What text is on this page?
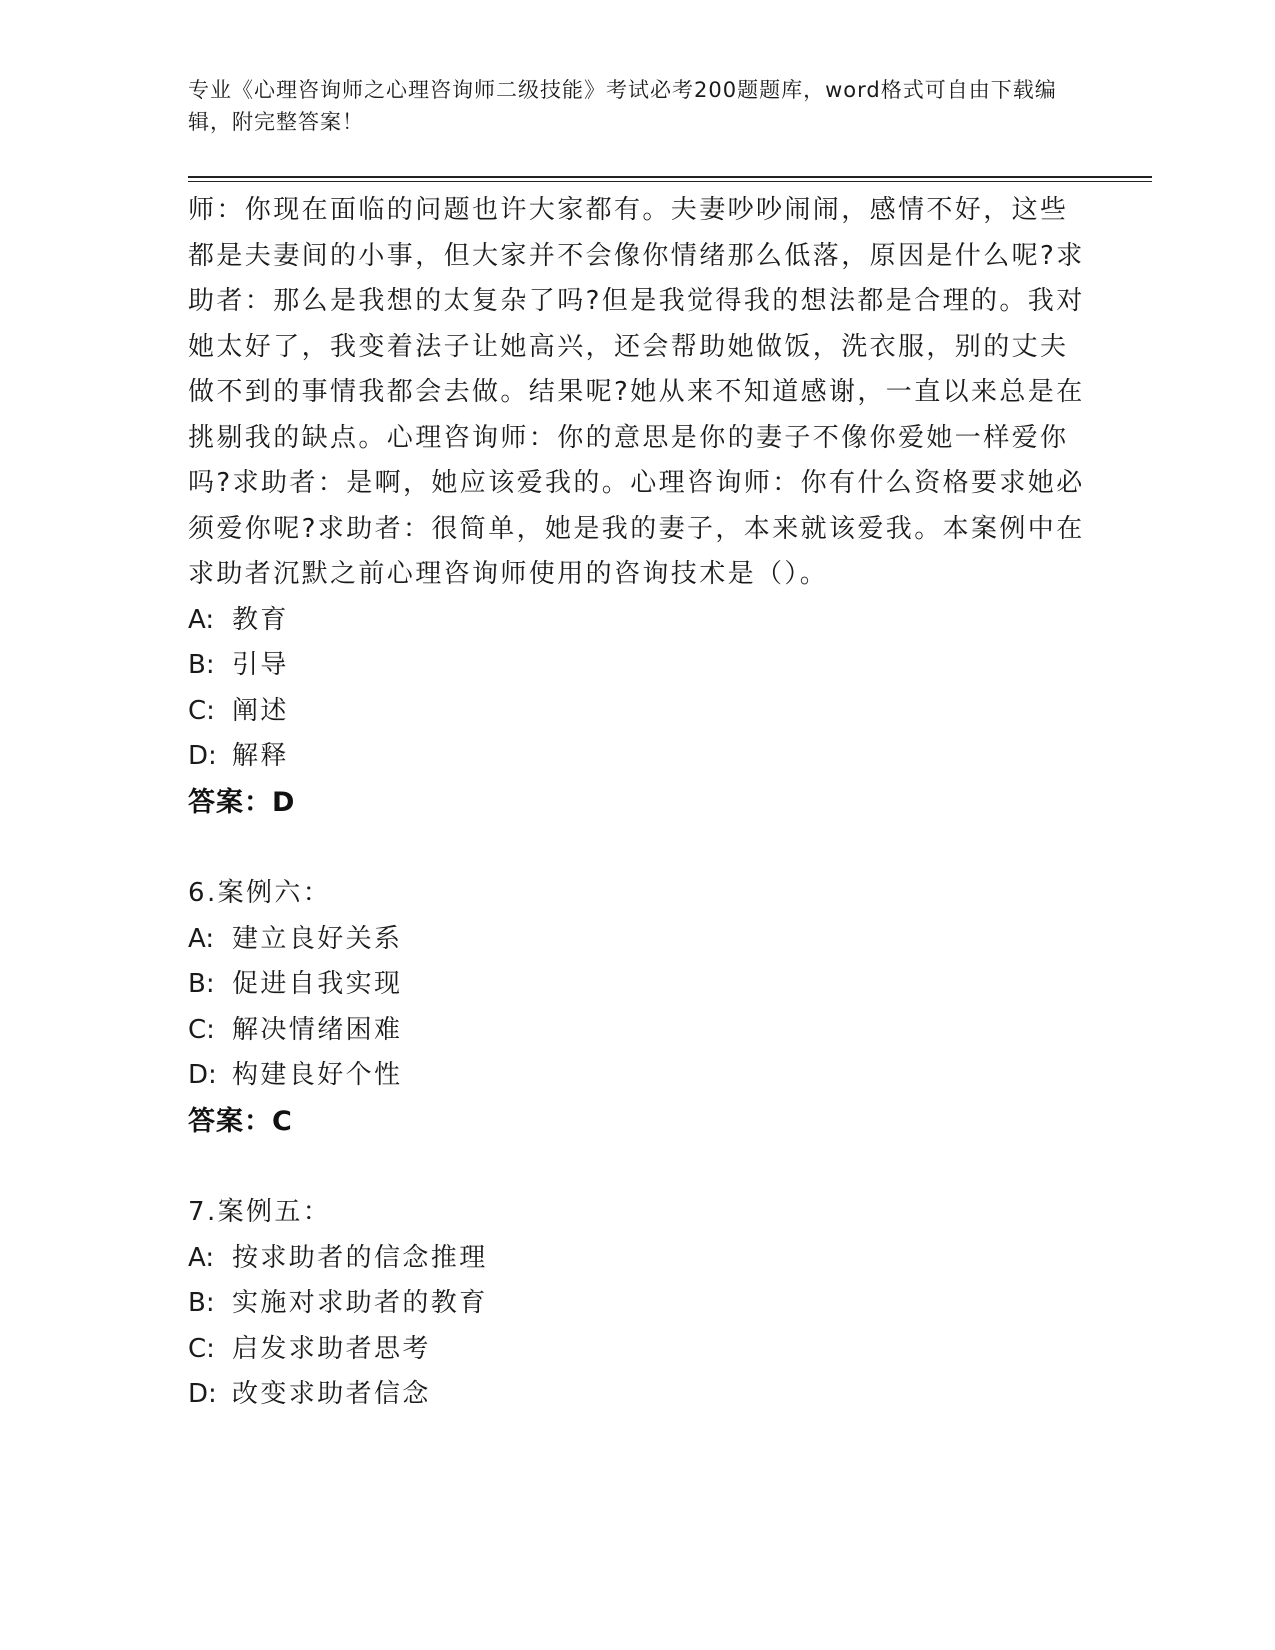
专业《心理咨询师之心理咨询师二级技能》考试必考200题题库，word格式可自由下载编辑，附完整答案！

师：你现在面临的问题也许大家都有。夫妻吵吵闹闹，感情不好，这些都是夫妻间的小事，但大家并不会像你情绪那么低落，原因是什么呢?求助者：那么是我想的太复杂了吗?但是我觉得我的想法都是合理的。我对她太好了，我变着法子让她高兴，还会帮助她做饭，洗衣服，别的丈夫做不到的事情我都会去做。结果呢?她从来不知道感谢，一直以来总是在挑剔我的缺点。心理咨询师：你的意思是你的妻子不像你爱她一样爱你吗?求助者：是啊，她应该爱我的。心理咨询师：你有什么资格要求她必须爱你呢?求助者：很简单，她是我的妻子，本来就该爱我。本案例中在求助者沉默之前心理咨询师使用的咨询技术是（）。

A: 教育

B: 引导

C: 阐述

D: 解释

答案：D

6.案例六：

A: 建立良好关系

B: 促进自我实现

C: 解决情绪困难

D: 构建良好个性

答案：C

7.案例五：

A: 按求助者的信念推理

B: 实施对求助者的教育

C: 启发求助者思考

D: 改变求助者信念
